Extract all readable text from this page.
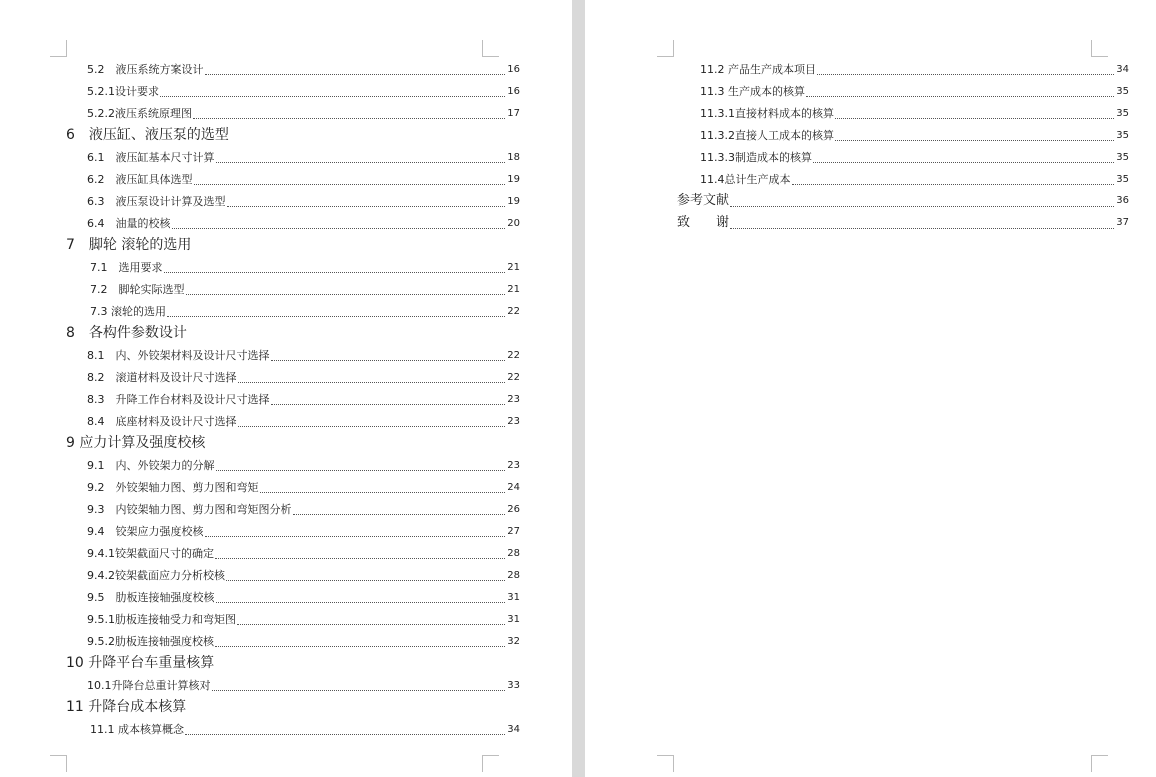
5.2　液压系统方案设计	16
5.2.1设计要求	16
5.2.2液压系统原理图	17
6　液压缸、液压泵的选型
6.1　液压缸基本尺寸计算	18
6.2　液压缸具体选型	19
6.3　液压泵设计计算及选型	19
6.4　油量的校核	20
7　脚轮 滚轮的选用
7.1　选用要求	21
7.2　脚轮实际选型	21
7.3 滚轮的选用	22
8　各构件参数设计
8.1　内、外铰架材料及设计尺寸选择	22
8.2　滚道材料及设计尺寸选择	22
8.3　升降工作台材料及设计尺寸选择	23
8.4　底座材料及设计尺寸选择	23
9 应力计算及强度校核
9.1　内、外铰架力的分解	23
9.2　外铰架轴力图、剪力图和弯矩	24
9.3　内铰架轴力图、剪力图和弯矩图分析	26
9.4　铰架应力强度校核	27
9.4.1铰架截面尺寸的确定	28
9.4.2铰架截面应力分析校核	28
9.5　肋板连接轴强度校核	31
9.5.1肋板连接轴受力和弯矩图	31
9.5.2肋板连接轴强度校核	32
10 升降平台车重量核算
10.1升降台总重计算核对	33
11 升降台成本核算
11.1 成本核算概念	34
11.2 产品生产成本项目	34
11.3 生产成本的核算	35
11.3.1直接材料成本的核算	35
11.3.2直接人工成本的核算	35
11.3.3制造成本的核算	35
11.4总计生产成本	35
参考文献	36
致　　谢	37
